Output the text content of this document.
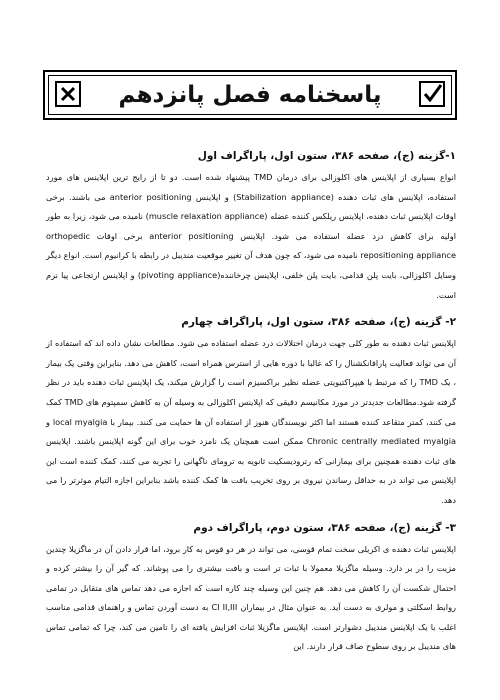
پاسخنامه فصل پانزدهم

۱-گزینه (ج)، صفحه ۳۸۶، ستون اول، پاراگراف اول

انواع بسیاری از اپلاینس های اکلوزالی برای درمان TMD پیشنهاد شده است. دو تا از رایج ترین اپلاینس های مورد استفاده، اپلاینس های ثبات دهنده (Stabilization appliance) و اپلاینس anterior positioning می باشند. برخی اوقات اپلاینس ثبات دهنده، اپلاینس ریلکس کننده عضله (muscle relaxation appliance) نامیده می شود، زیرا به طور اولیه برای کاهش درد عضله استفاده می شود. اپلاینس anterior positioning برخی اوقات orthopedic repositioning appliance نامیده می شود، که چون هدف آن تغییر موقعیت مندیبل در رابطه با کرانیوم است. انواع دیگر وسایل اکلوزالی، بایت پلن قدامی، بایت پلن خلفی، اپلاینس چرخاننده(pivoting appliance) و اپلاینس ارتجاعی پیا نرم است.

۲- گزینه (ج)، صفحه ۳۸۶، ستون اول، پاراگراف چهارم

اپلاینس ثبات دهنده به طور کلی جهت درمان اختلالات درد عضله استفاده می شود. مطالعات نشان داده اند که استفاده از آن می تواند فعالیت پارافانکشنال را که غالبا با دوره هایی از استرس همراه است، کاهش می دهد. بنابراین وقتی یک بیمار ، یک TMD را که مرتبط با هیپراکتیویتی عضله نظیر براکسیزم است را گزارش میکند، یک اپلاینس ثبات دهنده باید در نظر گرفته شود.مطالعات جدیدتر در مورد مکانیسم دقیقی که اپلاینس اکلوزالی به وسیله آن به کاهش سمپتوم های TMD کمک می کنند، کمتر متقاعد کننده هستند اما اکثر نویسندگان هنوز از استفاده آن ها حمایت می کنند. بیمار با local myalgia و Chronic centrally mediated myalgia ممکن است همچنان یک نامزد خوب برای این گونه اپلاینس باشند. اپلاینس های ثبات دهنده همچنین برای بیمارانی که رترودیسکیت ثانویه به ترومای ناگهانی را تجربه می کنند، کمک کننده است این اپلاینس می تواند در به حداقل رساندن نیروی بر روی تخریب بافت ها کمک کننده باشد بنابراین اجازه التیام موثرتر را می دهد.

۳- گزینه (ج)، صفحه ۳۸۶، ستون دوم، پاراگراف دوم

اپلاینس ثبات دهنده ی اکریلی سخت تمام قوسی، می تواند در هر دو قوس به کار برود، اما قرار دادن آن در ماگزیلا چندین مزیت را در بر دارد. وسیله ماگزیلا معمولا با ثبات تر است و بافت بیشتری را می پوشاند. که گیر آن را بیشتر کرده و احتمال شکست آن را کاهش می دهد. هم چنین این وسیله چند کاره است که اجازه می دهد تماس های متقابل در تمامی روابط اسکلتی و مولری به دست آید. به عنوان مثال در بیماران CI II,III به دست آوردن تماس و راهنمای قدامی مناسب اغلب با یک اپلاینس مندیبل دشوارتر است. اپلاینس ماگزیلا ثبات افزایش یافته ای را تامین می کند، چرا که تمامی تماس های مندیبل بر روی سطوح صاف قرار دارند. این
